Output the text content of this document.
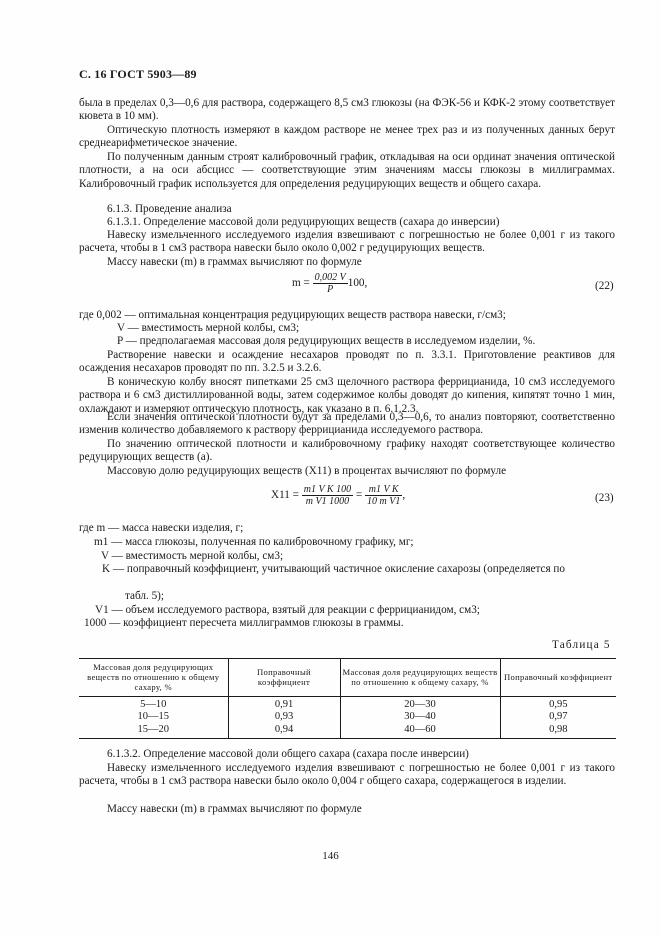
С. 16 ГОСТ 5903—89
была в пределах 0,3—0,6 для раствора, содержащего 8,5 см3 глюкозы (на ФЭК-56 и КФК-2 этому соответствует кювета в 10 мм).
Оптическую плотность измеряют в каждом растворе не менее трех раз и из полученных данных берут среднеарифметическое значение.
По полученным данным строят калибровочный график, откладывая на оси ординат значения оптической плотности, а на оси абсцисс — соответствующие этим значениям массы глюкозы в миллиграммах. Калибровочный график используется для определения редуцирующих веществ и общего сахара.
6.1.3. Проведение анализа
6.1.3.1. Определение массовой доли редуцирующих веществ (сахара до инверсии)
Навеску измельченного исследуемого изделия взвешивают с погрешностью не более 0,001 г из такого расчета, чтобы в 1 см3 раствора навески было около 0,002 г редуцирующих веществ.
Массу навески (m) в граммах вычисляют по формуле
$m = \frac{0,002 V}{P} 100$,	(22)
где 0,002 — оптимальная концентрация редуцирующих веществ раствора навески, г/см3;
V — вместимость мерной колбы, см3;
P — предполагаемая массовая доля редуцирующих веществ в исследуемом изделии, %.
Растворение навески и осаждение несахаров проводят по п. 3.3.1. Приготовление реактивов для осаждения несахаров проводят по пп. 3.2.5 и 3.2.6.
В коническую колбу вносят пипетками 25 см3 щелочного раствора феррицианида, 10 см3 исследуемого раствора и 6 см3 дистиллированной воды, затем содержимое колбы доводят до кипения, кипятят точно 1 мин, охлаждают и измеряют оптическую плотность, как указано в п. 6.1.2.3.
Если значения оптической плотности будут за пределами 0,3—0,6, то анализ повторяют, соответственно изменив количество добавляемого к раствору феррицианида исследуемого раствора.
По значению оптической плотности и калибровочному графику находят соответствующее количество редуцирующих веществ (а).
Массовую долю редуцирующих веществ (Х11) в процентах вычисляют по формуле
$X11 = \frac{\text{m1 V K 100}}{\text{m V1 1000}} = \frac{\text{m1 V K}}{\text{10 m V1}}$ ,	(23)
где m — масса навески изделия, г;
m1 — масса глюкозы, полученная по калибровочному графику, мг;
V — вместимость мерной колбы, см3;
K — поправочный коэффициент, учитывающий частичное окисление сахарозы (определяется по
табл. 5);
V1 — объем исследуемого раствора, взятый для реакции с феррицианидом, см3;
1000 — коэффициент пересчета миллиграммов глюкозы в граммы.
Таблица 5
Массовая доля редуцирующих веществ по отношению к общему сахару, %	Поправочный коэффициент	Массовая доля редуцирующих веществ по отношению к общему сахару, %	Поправочный коэффициент
5—10	0,91	20—30	0,95
10—15	0,93	30—40	0,97
15—20	0,94	40—60	0,98
6.1.3.2. Определение массовой доли общего сахара (сахара после инверсии)
Навеску измельченного исследуемого изделия взвешивают с погрешностью не более 0,001 г из такого расчета, чтобы в 1 см3 раствора навески было около 0,004 г общего сахара, содержащегося в изделии.
Массу навески (m) в граммах вычисляют по формуле
146
